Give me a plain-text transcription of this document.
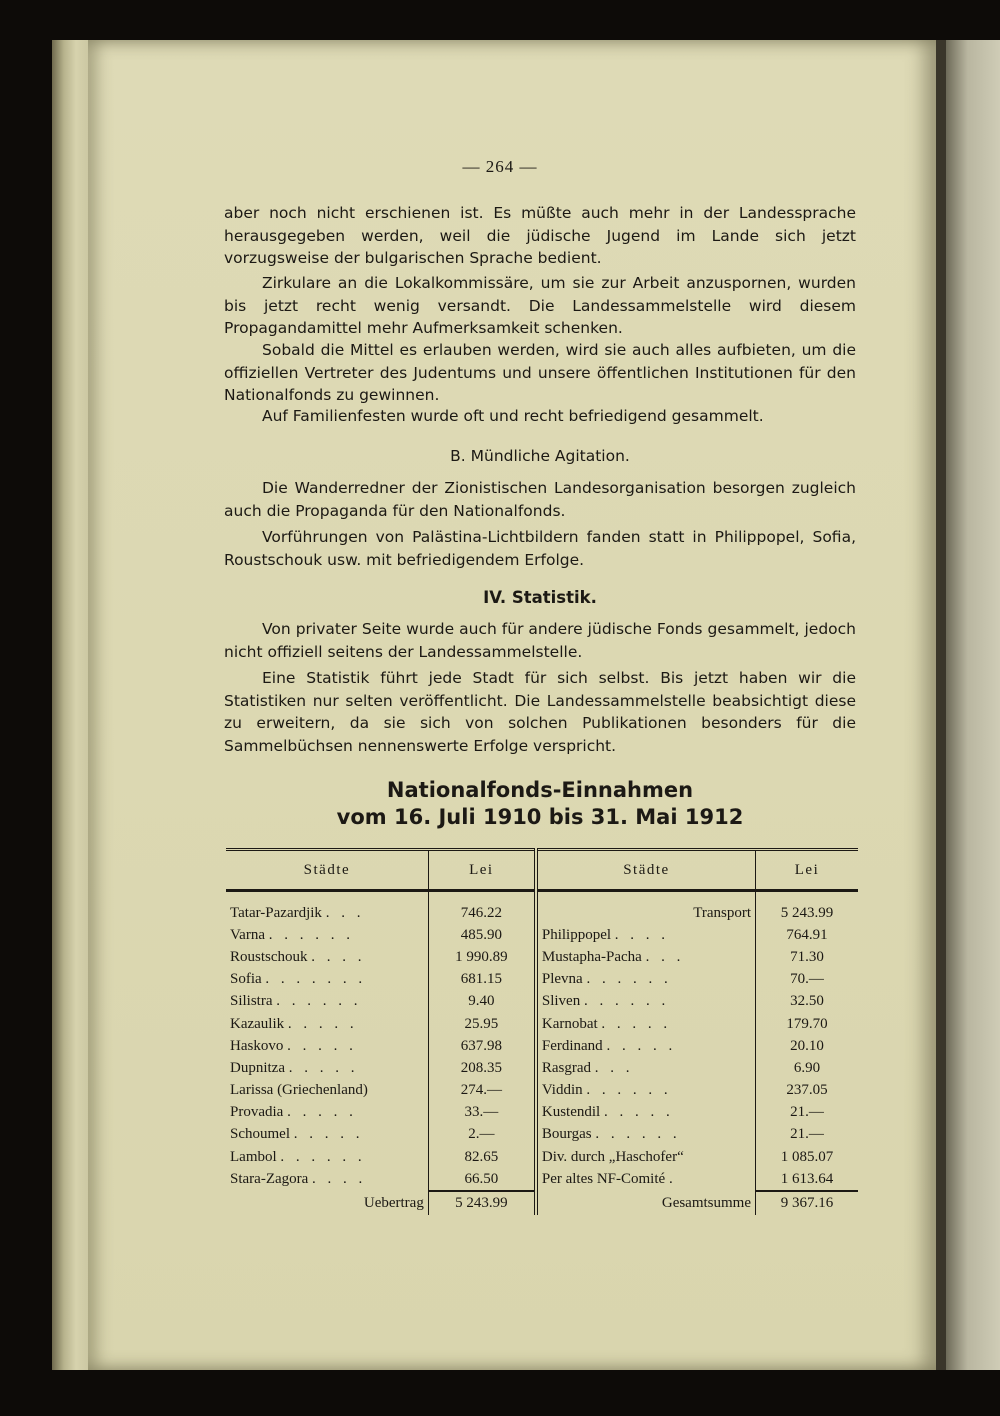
— 264 —

aber noch nicht erschienen ist. Es müßte auch mehr in der Landessprache herausgegeben werden, weil die jüdische Jugend im Lande sich jetzt vorzugsweise der bulgarischen Sprache bedient.

Zirkulare an die Lokalkommissäre, um sie zur Arbeit anzuspornen, wurden bis jetzt recht wenig versandt. Die Landessammelstelle wird diesem Propagandamittel mehr Aufmerksamkeit schenken.

Sobald die Mittel es erlauben werden, wird sie auch alles aufbieten, um die offiziellen Vertreter des Judentums und unsere öffentlichen Institutionen für den Nationalfonds zu gewinnen.

Auf Familienfesten wurde oft und recht befriedigend gesammelt.

B. Mündliche Agitation.

Die Wanderredner der Zionistischen Landesorganisation besorgen zugleich auch die Propaganda für den Nationalfonds.

Vorführungen von Palästina-Lichtbildern fanden statt in Philippopel, Sofia, Roustschouk usw. mit befriedigendem Erfolge.

IV. Statistik.

Von privater Seite wurde auch für andere jüdische Fonds gesammelt, jedoch nicht offiziell seitens der Landessammelstelle.

Eine Statistik führt jede Stadt für sich selbst. Bis jetzt haben wir die Statistiken nur selten veröffentlicht. Die Landessammelstelle beabsichtigt diese zu erweitern, da sie sich von solchen Publikationen besonders für die Sammelbüchsen nennenswerte Erfolge verspricht.

Nationalfonds-Einnahmen
vom 16. Juli 1910 bis 31. Mai 1912
Städte	Lei	Städte	Lei
Tatar-Pazardjik . . .	746.22	Transport	5 243.99
Varna . . . . . .	485.90	Philippopel . . . .	764.91
Roustschouk . . . .	1 990.89	Mustapha-Pacha . . .	71.30
Sofia . . . . . . .	681.15	Plevna . . . . . .	70.—
Silistra . . . . . .	9.40	Sliven . . . . . .	32.50
Kazaulik . . . . .	25.95	Karnobat . . . . .	179.70
Haskovo . . . . .	637.98	Ferdinand . . . . .	20.10
Dupnitza . . . . .	208.35	Rasgrad . . .	6.90
Larissa (Griechenland)	274.—	Viddin . . . . . .	237.05
Provadia . . . . .	33.—	Kustendil . . . . .	21.—
Schoumel . . . . .	2.—	Bourgas . . . . . .	21.—
Lambol . . . . . .	82.65	Div. durch „Haschofer“	1 085.07
Stara-Zagora . . . .	66.50	Per altes NF-Comité .	1 613.64
Uebertrag	5 243.99	Gesamtsumme	9 367.16
